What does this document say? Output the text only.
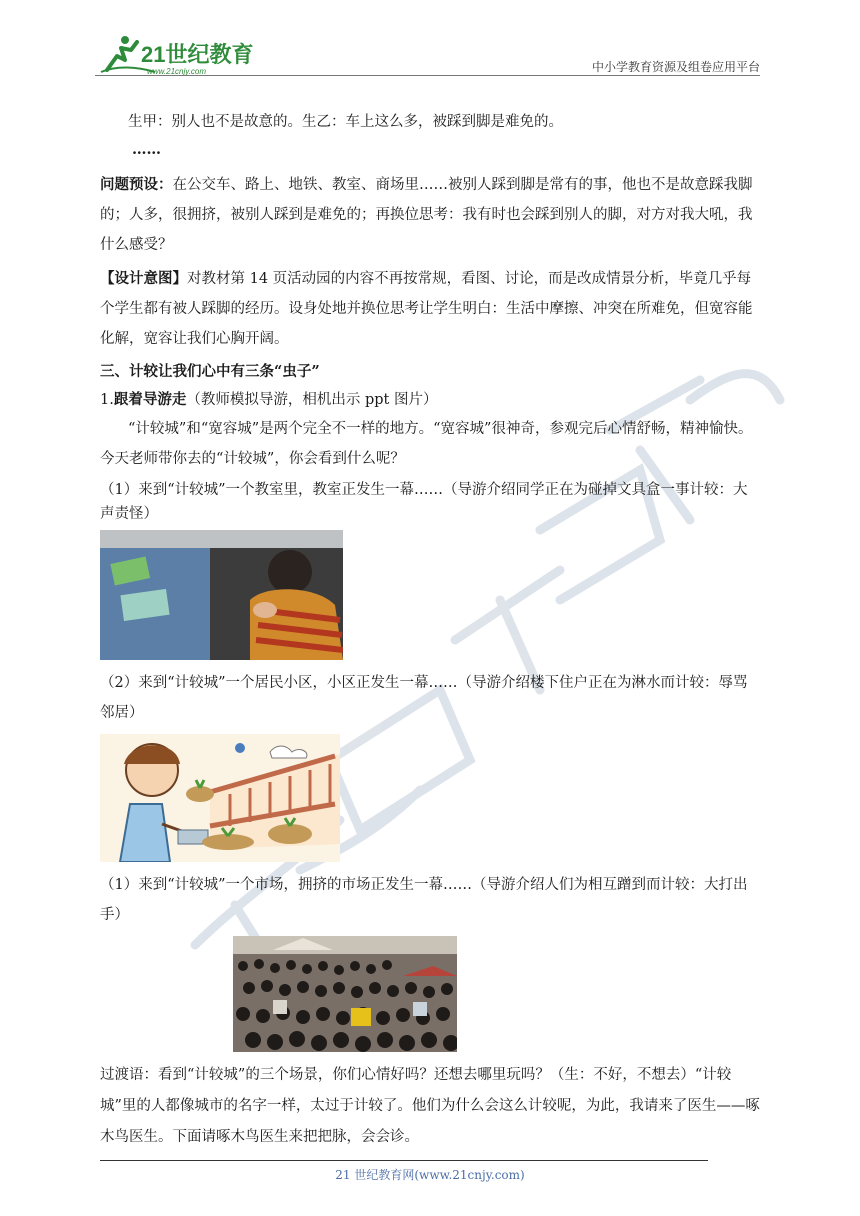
21世纪教育
www.21cnjy.com	中小学教育资源及组卷应用平台

生甲：别人也不是故意的。生乙：车上这么多，被踩到脚是难免的。

……

问题预设：在公交车、路上、地铁、教室、商场里……被别人踩到脚是常有的事，他也不是故意踩我脚的；人多，很拥挤，被别人踩到是难免的；再换位思考：我有时也会踩到别人的脚，对方对我大吼，我什么感受？

【设计意图】对教材第 14 页活动园的内容不再按常规，看图、讨论，而是改成情景分析，毕竟几乎每个学生都有被人踩脚的经历。设身处地并换位思考让学生明白：生活中摩擦、冲突在所难免，但宽容能化解，宽容让我们心胸开阔。

三、计较让我们心中有三条“虫子”

1.跟着导游走（教师模拟导游，相机出示 ppt 图片）

“计较城”和“宽容城”是两个完全不一样的地方。“宽容城”很神奇，参观完后心情舒畅，精神愉快。今天老师带你去的“计较城”，你会看到什么呢？

（1）来到“计较城”一个教室里，教室正发生一幕……（导游介绍同学正在为碰掉文具盒一事计较：大声责怪）

（2）来到“计较城”一个居民小区，小区正发生一幕……（导游介绍楼下住户正在为淋水而计较：辱骂邻居）

（1）来到“计较城”一个市场，拥挤的市场正发生一幕……（导游介绍人们为相互蹭到而计较：大打出手）

过渡语：看到“计较城”的三个场景，你们心情好吗？还想去哪里玩吗？（生：不好，不想去）“计较城”里的人都像城市的名字一样，太过于计较了。他们为什么会这么计较呢，为此，我请来了医生——啄木鸟医生。下面请啄木鸟医生来把把脉，会会诊。

21 世纪教育网(www.21cnjy.com)
